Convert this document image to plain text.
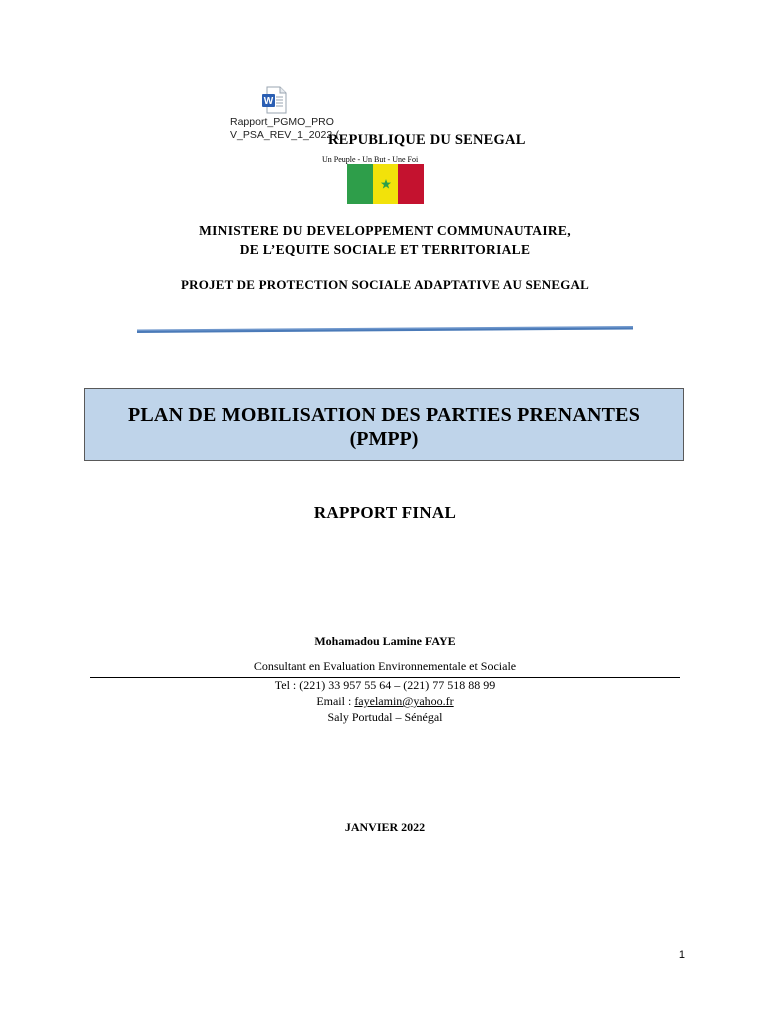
W
Rapport_PGMO_PRO
V_PSA_REV_1_2022-(
REPUBLIQUE DU SENEGAL
Un Peuple - Un But - Une Foi
MINISTERE DU DEVELOPPEMENT COMMUNAUTAIRE,
DE L’EQUITE SOCIALE ET TERRITORIALE
PROJET DE PROTECTION SOCIALE ADAPTATIVE AU SENEGAL
PLAN DE MOBILISATION DES PARTIES PRENANTES
(PMPP)
RAPPORT FINAL
Mohamadou Lamine FAYE
Consultant en Evaluation Environnementale et Sociale
Tel : (221) 33 957 55 64 – (221) 77 518 88 99
Email : fayelamin@yahoo.fr
Saly Portudal – Sénégal
JANVIER 2022
1
